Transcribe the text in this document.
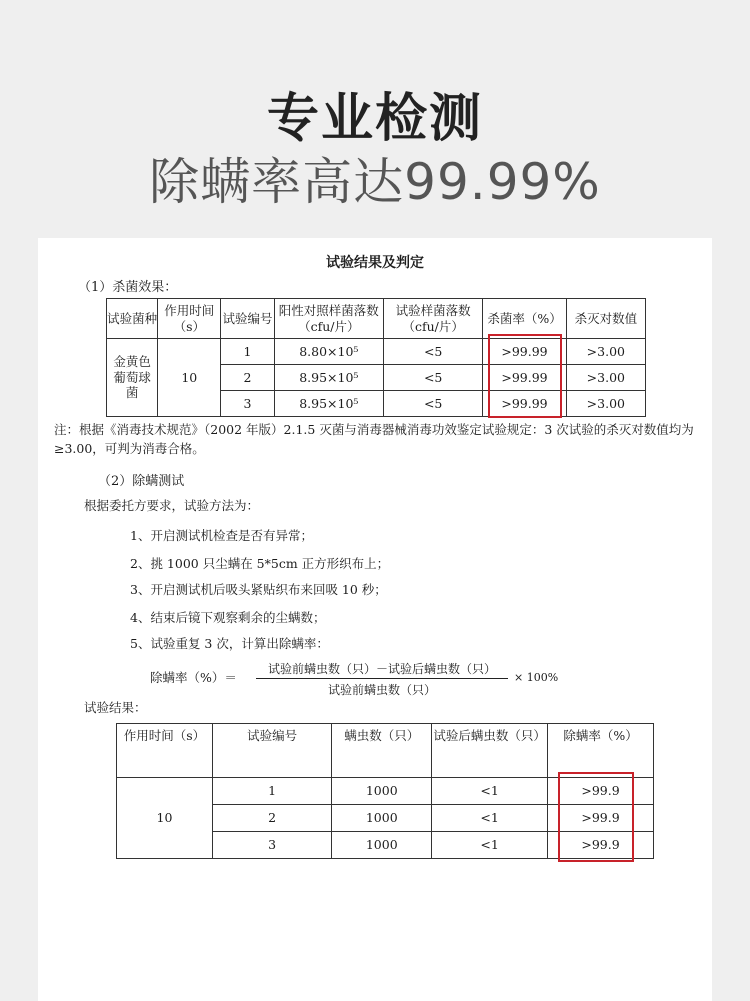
专业检测
除螨率高达99.99%
试验结果及判定
（1）杀菌效果：
试验菌种	作用时间（s）	试验编号	阳性对照样菌落数（cfu/片）	试验样菌落数（cfu/片）	杀菌率（%）	杀灭对数值
金黄色葡萄球菌	10	1	8.80×10⁵	<5	>99.99	>3.00
		2	8.95×10⁵	<5	>99.99	>3.00
		3	8.95×10⁵	<5	>99.99	>3.00
注：根据《消毒技术规范》（2002 年版）2.1.5 灭菌与消毒器械消毒功效鉴定试验规定：3 次试验的杀灭对数值均为≥3.00，可判为消毒合格。
（2）除螨测试
根据委托方要求，试验方法为：
1、开启测试机检查是否有异常；
2、挑 1000 只尘螨在 5*5cm 正方形织布上；
3、开启测试机后吸头紧贴织布来回吸 10 秒；
4、结束后镜下观察剩余的尘螨数；
5、试验重复 3 次，计算出除螨率：
除螨率（%）＝
试验前螨虫数（只）－试验后螨虫数（只）
试验前螨虫数（只）
× 100%
试验结果：
作用时间（s）	试验编号	螨虫数（只）	试验后螨虫数（只）	除螨率（%）
10	1	1000	<1	>99.9
	2	1000	<1	>99.9
	3	1000	<1	>99.9
